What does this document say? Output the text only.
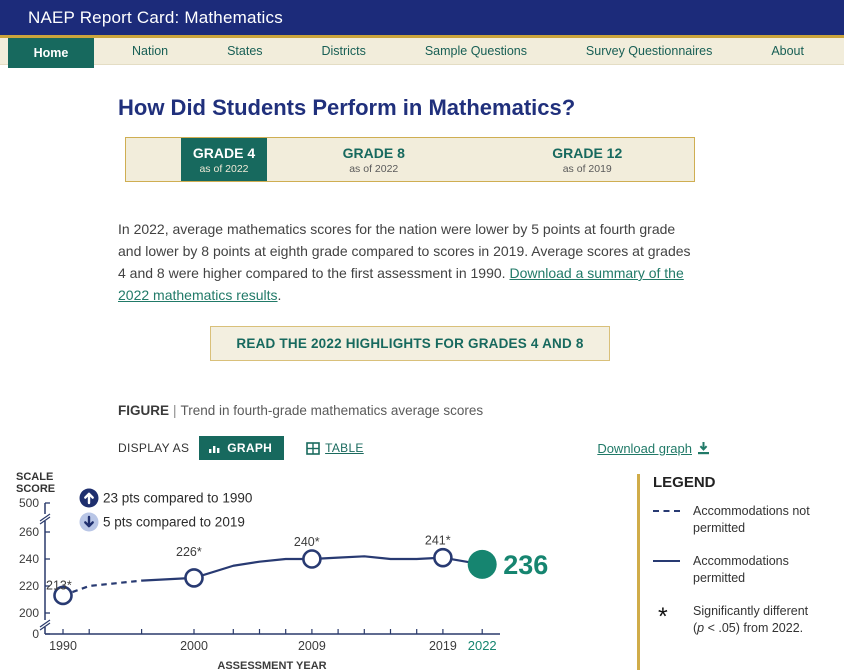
NAEP Report Card: Mathematics
Home	Nation	States	Districts	Sample Questions	Survey Questionnaires	About
How Did Students Perform in Mathematics?
GRADE 4
as of 2022
GRADE 8
as of 2022
GRADE 12
as of 2019

In 2022, average mathematics scores for the nation were lower by 5 points at fourth grade and lower by 8 points at eighth grade compared to scores in 2019. Average scores at grades 4 and 8 were higher compared to the first assessment in 1990. Download a summary of the 2022 mathematics results.

READ THE 2022 HIGHLIGHTS FOR GRADES 4 AND 8
FIGURE | Trend in fourth-grade mathematics average scores
DISPLAY AS	GRAPH	TABLE	Download graph
0
200
220
240
260
500
1990	2000	2009	2019 2022
ASSESSMENT YEAR
SCALE
SCORE
23 pts compared to 1990
5 pts compared to 2019
213*
226*
240*	241*
236
LEGEND
Accommodations not permitted
Accommodations permitted
* Significantly different
(p < .05) from 2022.
